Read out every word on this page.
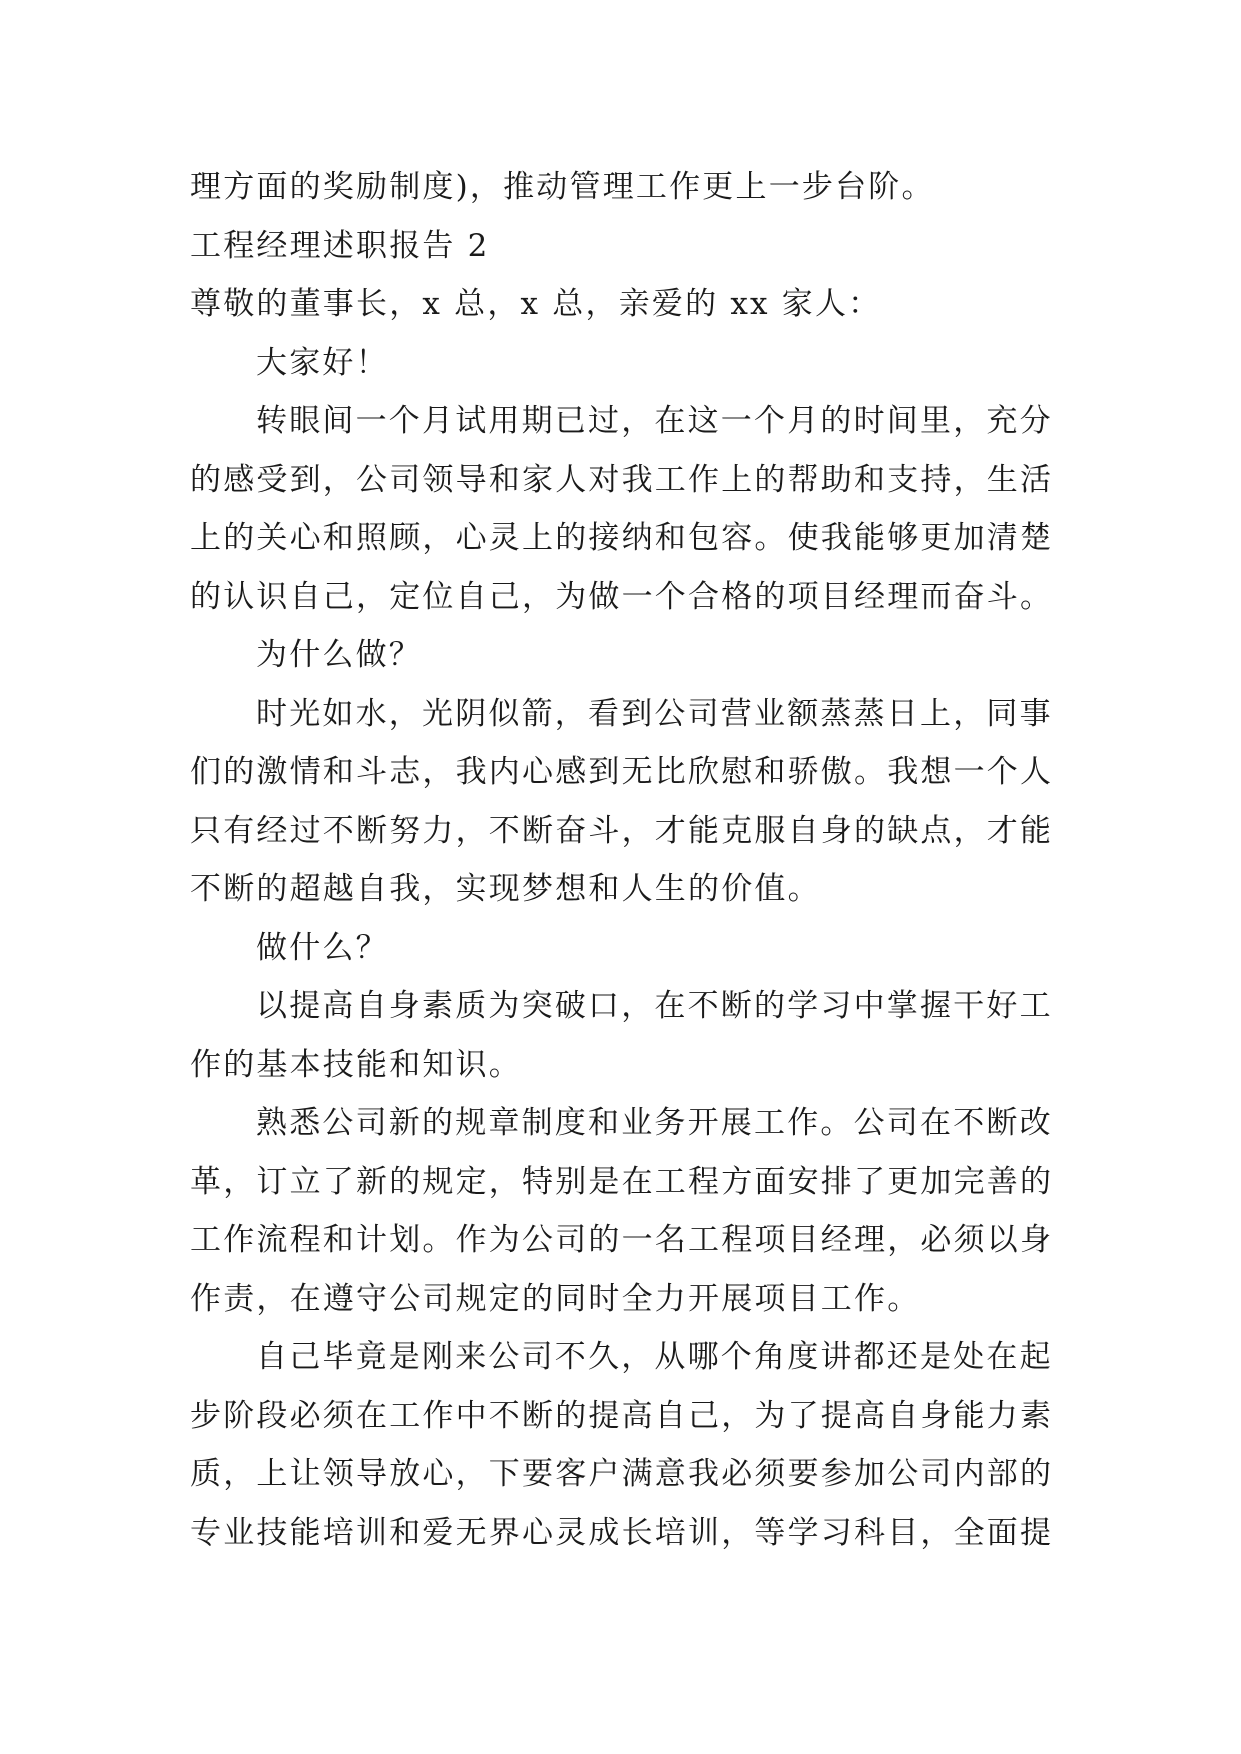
理方面的奖励制度)，推动管理工作更上一步台阶。
工程经理述职报告 2
尊敬的董事长，x 总，x 总，亲爱的 xx 家人：
大家好！
转眼间一个月试用期已过，在这一个月的时间里，充分
的感受到，公司领导和家人对我工作上的帮助和支持，生活
上的关心和照顾，心灵上的接纳和包容。使我能够更加清楚
的认识自己，定位自己，为做一个合格的项目经理而奋斗。
为什么做？
时光如水，光阴似箭，看到公司营业额蒸蒸日上，同事
们的激情和斗志，我内心感到无比欣慰和骄傲。我想一个人
只有经过不断努力，不断奋斗，才能克服自身的缺点，才能
不断的超越自我，实现梦想和人生的价值。
做什么？
以提高自身素质为突破口，在不断的学习中掌握干好工
作的基本技能和知识。
熟悉公司新的规章制度和业务开展工作。公司在不断改
革，订立了新的规定，特别是在工程方面安排了更加完善的
工作流程和计划。作为公司的一名工程项目经理，必须以身
作责，在遵守公司规定的同时全力开展项目工作。
自己毕竟是刚来公司不久，从哪个角度讲都还是处在起
步阶段必须在工作中不断的提高自己，为了提高自身能力素
质，上让领导放心，下要客户满意我必须要参加公司内部的
专业技能培训和爱无界心灵成长培训，等学习科目，全面提
